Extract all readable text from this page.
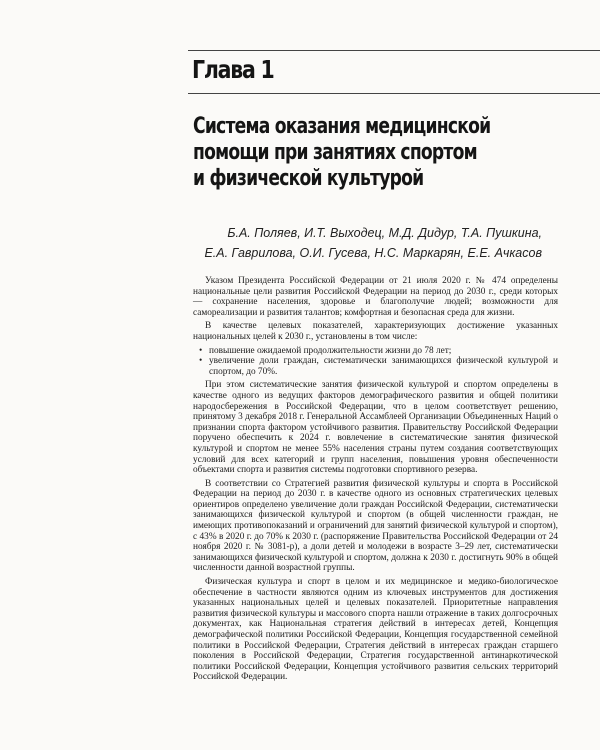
Глава 1
Система оказания медицинской
помощи при занятиях спортом
и физической культурой
Б.А. Поляев, И.Т. Выходец, М.Д. Дидур, Т.А. Пушкина,
Е.А. Гаврилова, О.И. Гусева, Н.С. Маркарян, Е.Е. Ачкасов

Указом Президента Российской Федерации от 21 июля 2020 г. № 474 определены национальные цели развития Российской Федерации на период до 2030 г., среди которых — сохранение населения, здоровье и благополучие людей; возможности для самореализации и развития талантов; комфортная и безопасная среда для жизни.

В качестве целевых показателей, характеризующих достижение указанных национальных целей к 2030 г., установлены в том числе:

• повышение ожидаемой продолжительности жизни до 78 лет;
• увеличение доли граждан, систематически занимающихся физической культурой и спортом, до 70%.

При этом систематические занятия физической культурой и спортом определены в качестве одного из ведущих факторов демографического развития и общей политики народосбережения в Российской Федерации, что в целом соответствует решению, принятому 3 декабря 2018 г. Генеральной Ассамблеей Организации Объединенных Наций о признании спорта фактором устойчивого развития. Правительству Российской Федерации поручено обеспечить к 2024 г. вовлечение в систематические занятия физической культурой и спортом не менее 55% населения страны путем создания соответствующих условий для всех категорий и групп населения, повышения уровня обеспеченности объектами спорта и развития системы подготовки спортивного резерва.

В соответствии со Стратегией развития физической культуры и спорта в Российской Федерации на период до 2030 г. в качестве одного из основных стратегических целевых ориентиров определено увеличение доли граждан Российской Федерации, систематически занимающихся физической культурой и спортом (в общей численности граждан, не имеющих противопоказаний и ограничений для занятий физической культурой и спортом), с 43% в 2020 г. до 70% к 2030 г. (распоряжение Правительства Российской Федерации от 24 ноября 2020 г. № 3081-р), а доли детей и молодежи в возрасте 3–29 лет, систематически занимающихся физической культурой и спортом, должна к 2030 г. достигнуть 90% в общей численности данной возрастной группы.

Физическая культура и спорт в целом и их медицинское и медико-биологическое обеспечение в частности являются одним из ключевых инструментов для достижения указанных национальных целей и целевых показателей. Приоритетные направления развития физической культуры и массового спорта нашли отражение в таких долгосрочных документах, как Национальная стратегия действий в интересах детей, Концепция демографической политики Российской Федерации, Концепция государственной семейной политики в Российской Федерации, Стратегия действий в интересах граждан старшего поколения в Российской Федерации, Стратегия государственной антинаркотической политики Российской Федерации, Концепция устойчивого развития сельских территорий Российской Федерации.
